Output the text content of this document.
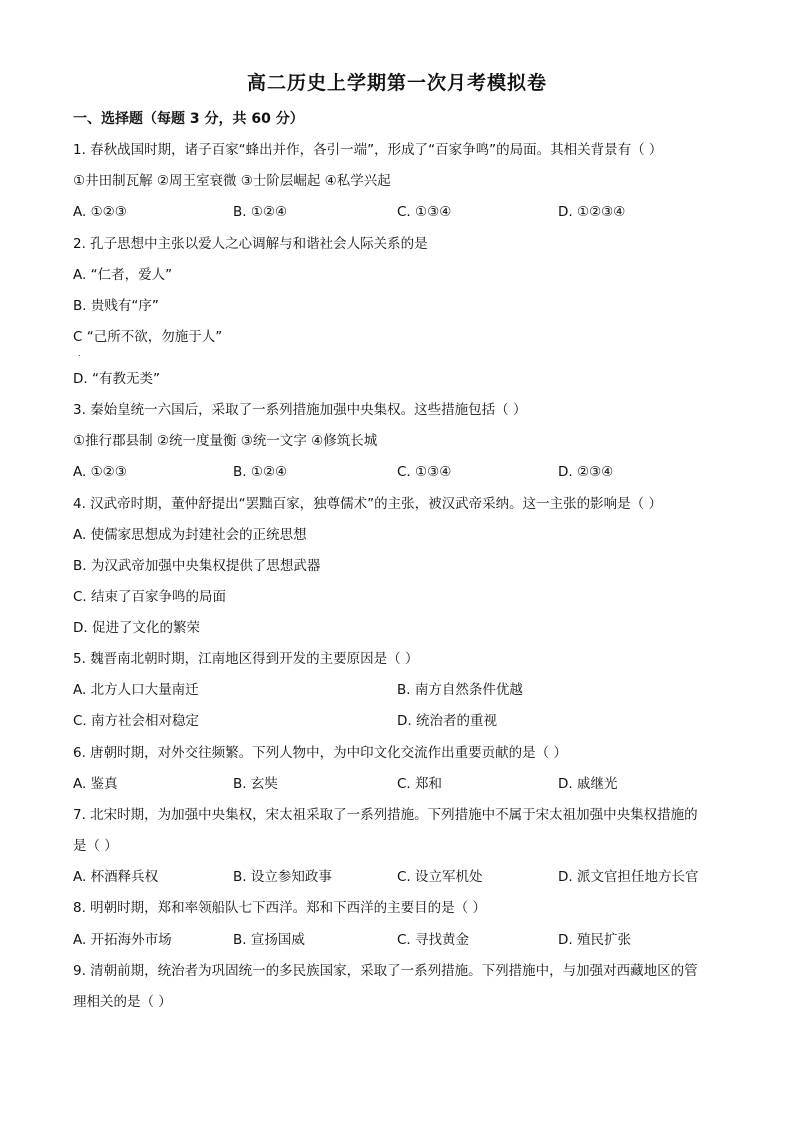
高二历史上学期第一次月考模拟卷
一、选择题（每题 3 分，共 60 分）
1. 春秋战国时期，诸子百家“蜂出并作，各引一端”，形成了“百家争鸣”的局面。其相关背景有（ ）
①井田制瓦解 ②周王室衰微 ③士阶层崛起 ④私学兴起
A. ①②③	B. ①②④	C. ①③④	D. ①②③④
2. 孔子思想中主张以爱人之心调解与和谐社会人际关系的是
A. “仁者，爱人”
B. 贵贱有“序”
C “己所不欲，勿施于人”
.
D. “有教无类”
3. 秦始皇统一六国后，采取了一系列措施加强中央集权。这些措施包括（ ）
①推行郡县制 ②统一度量衡 ③统一文字 ④修筑长城
A. ①②③	B. ①②④	C. ①③④	D. ②③④
4. 汉武帝时期，董仲舒提出“罢黜百家，独尊儒术”的主张，被汉武帝采纳。这一主张的影响是（ ）
A. 使儒家思想成为封建社会的正统思想
B. 为汉武帝加强中央集权提供了思想武器
C. 结束了百家争鸣的局面
D. 促进了文化的繁荣
5. 魏晋南北朝时期，江南地区得到开发的主要原因是（ ）
A. 北方人口大量南迁	B. 南方自然条件优越
C. 南方社会相对稳定	D. 统治者的重视
6. 唐朝时期，对外交往频繁。下列人物中，为中印文化交流作出重要贡献的是（ ）
A. 鉴真	B. 玄奘	C. 郑和	D. 戚继光
7. 北宋时期，为加强中央集权，宋太祖采取了一系列措施。下列措施中不属于宋太祖加强中央集权措施的
是（ ）
A. 杯酒释兵权	B. 设立参知政事	C. 设立军机处	D. 派文官担任地方长官
8. 明朝时期，郑和率领船队七下西洋。郑和下西洋的主要目的是（ ）
A. 开拓海外市场	B. 宣扬国威	C. 寻找黄金	D. 殖民扩张
9. 清朝前期，统治者为巩固统一的多民族国家，采取了一系列措施。下列措施中，与加强对西藏地区的管
理相关的是（ ）
